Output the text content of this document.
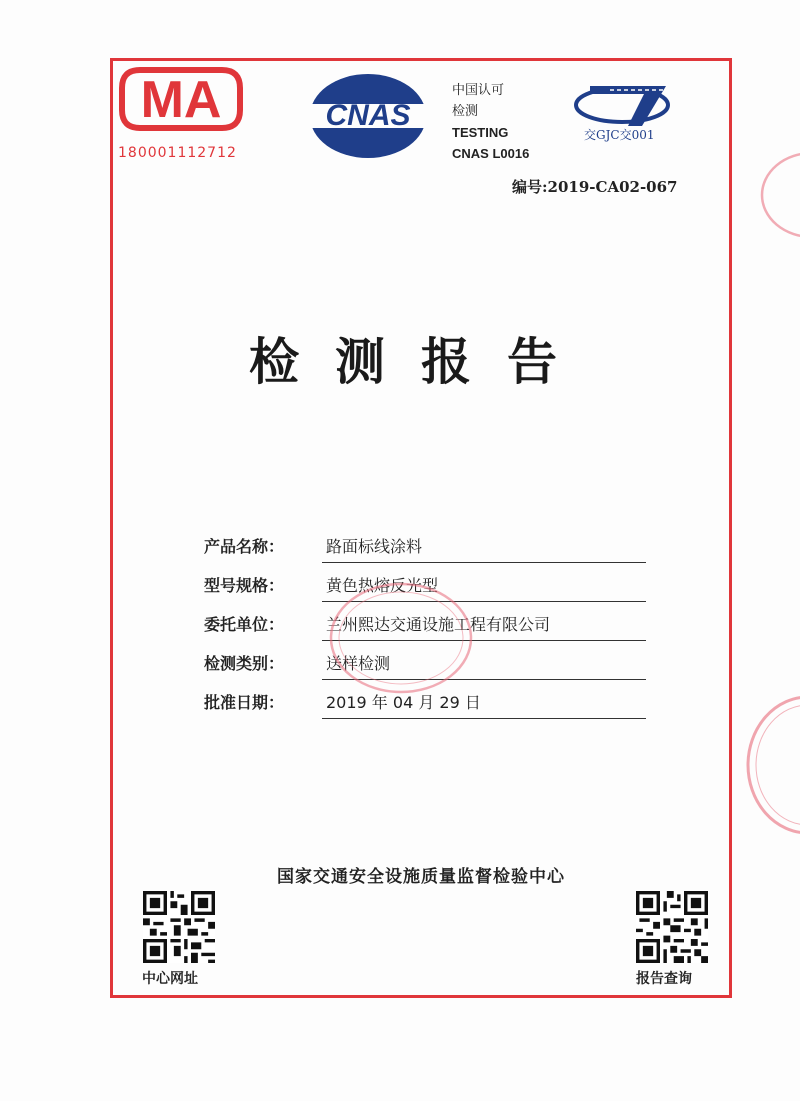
MA
180001112712
CNAS
中国认可
检测
TESTING
CNAS L0016
交GJC交001
编号:2019-CA02-067
检测报告
产品名称：	路面标线涂料
型号规格：	黄色热熔反光型
委托单位：	兰州熙达交通设施工程有限公司
检测类别：	送样检测
批准日期：	2019 年 04 月 29 日
国家交通安全设施质量监督检验中心
中心网址	报告查询
